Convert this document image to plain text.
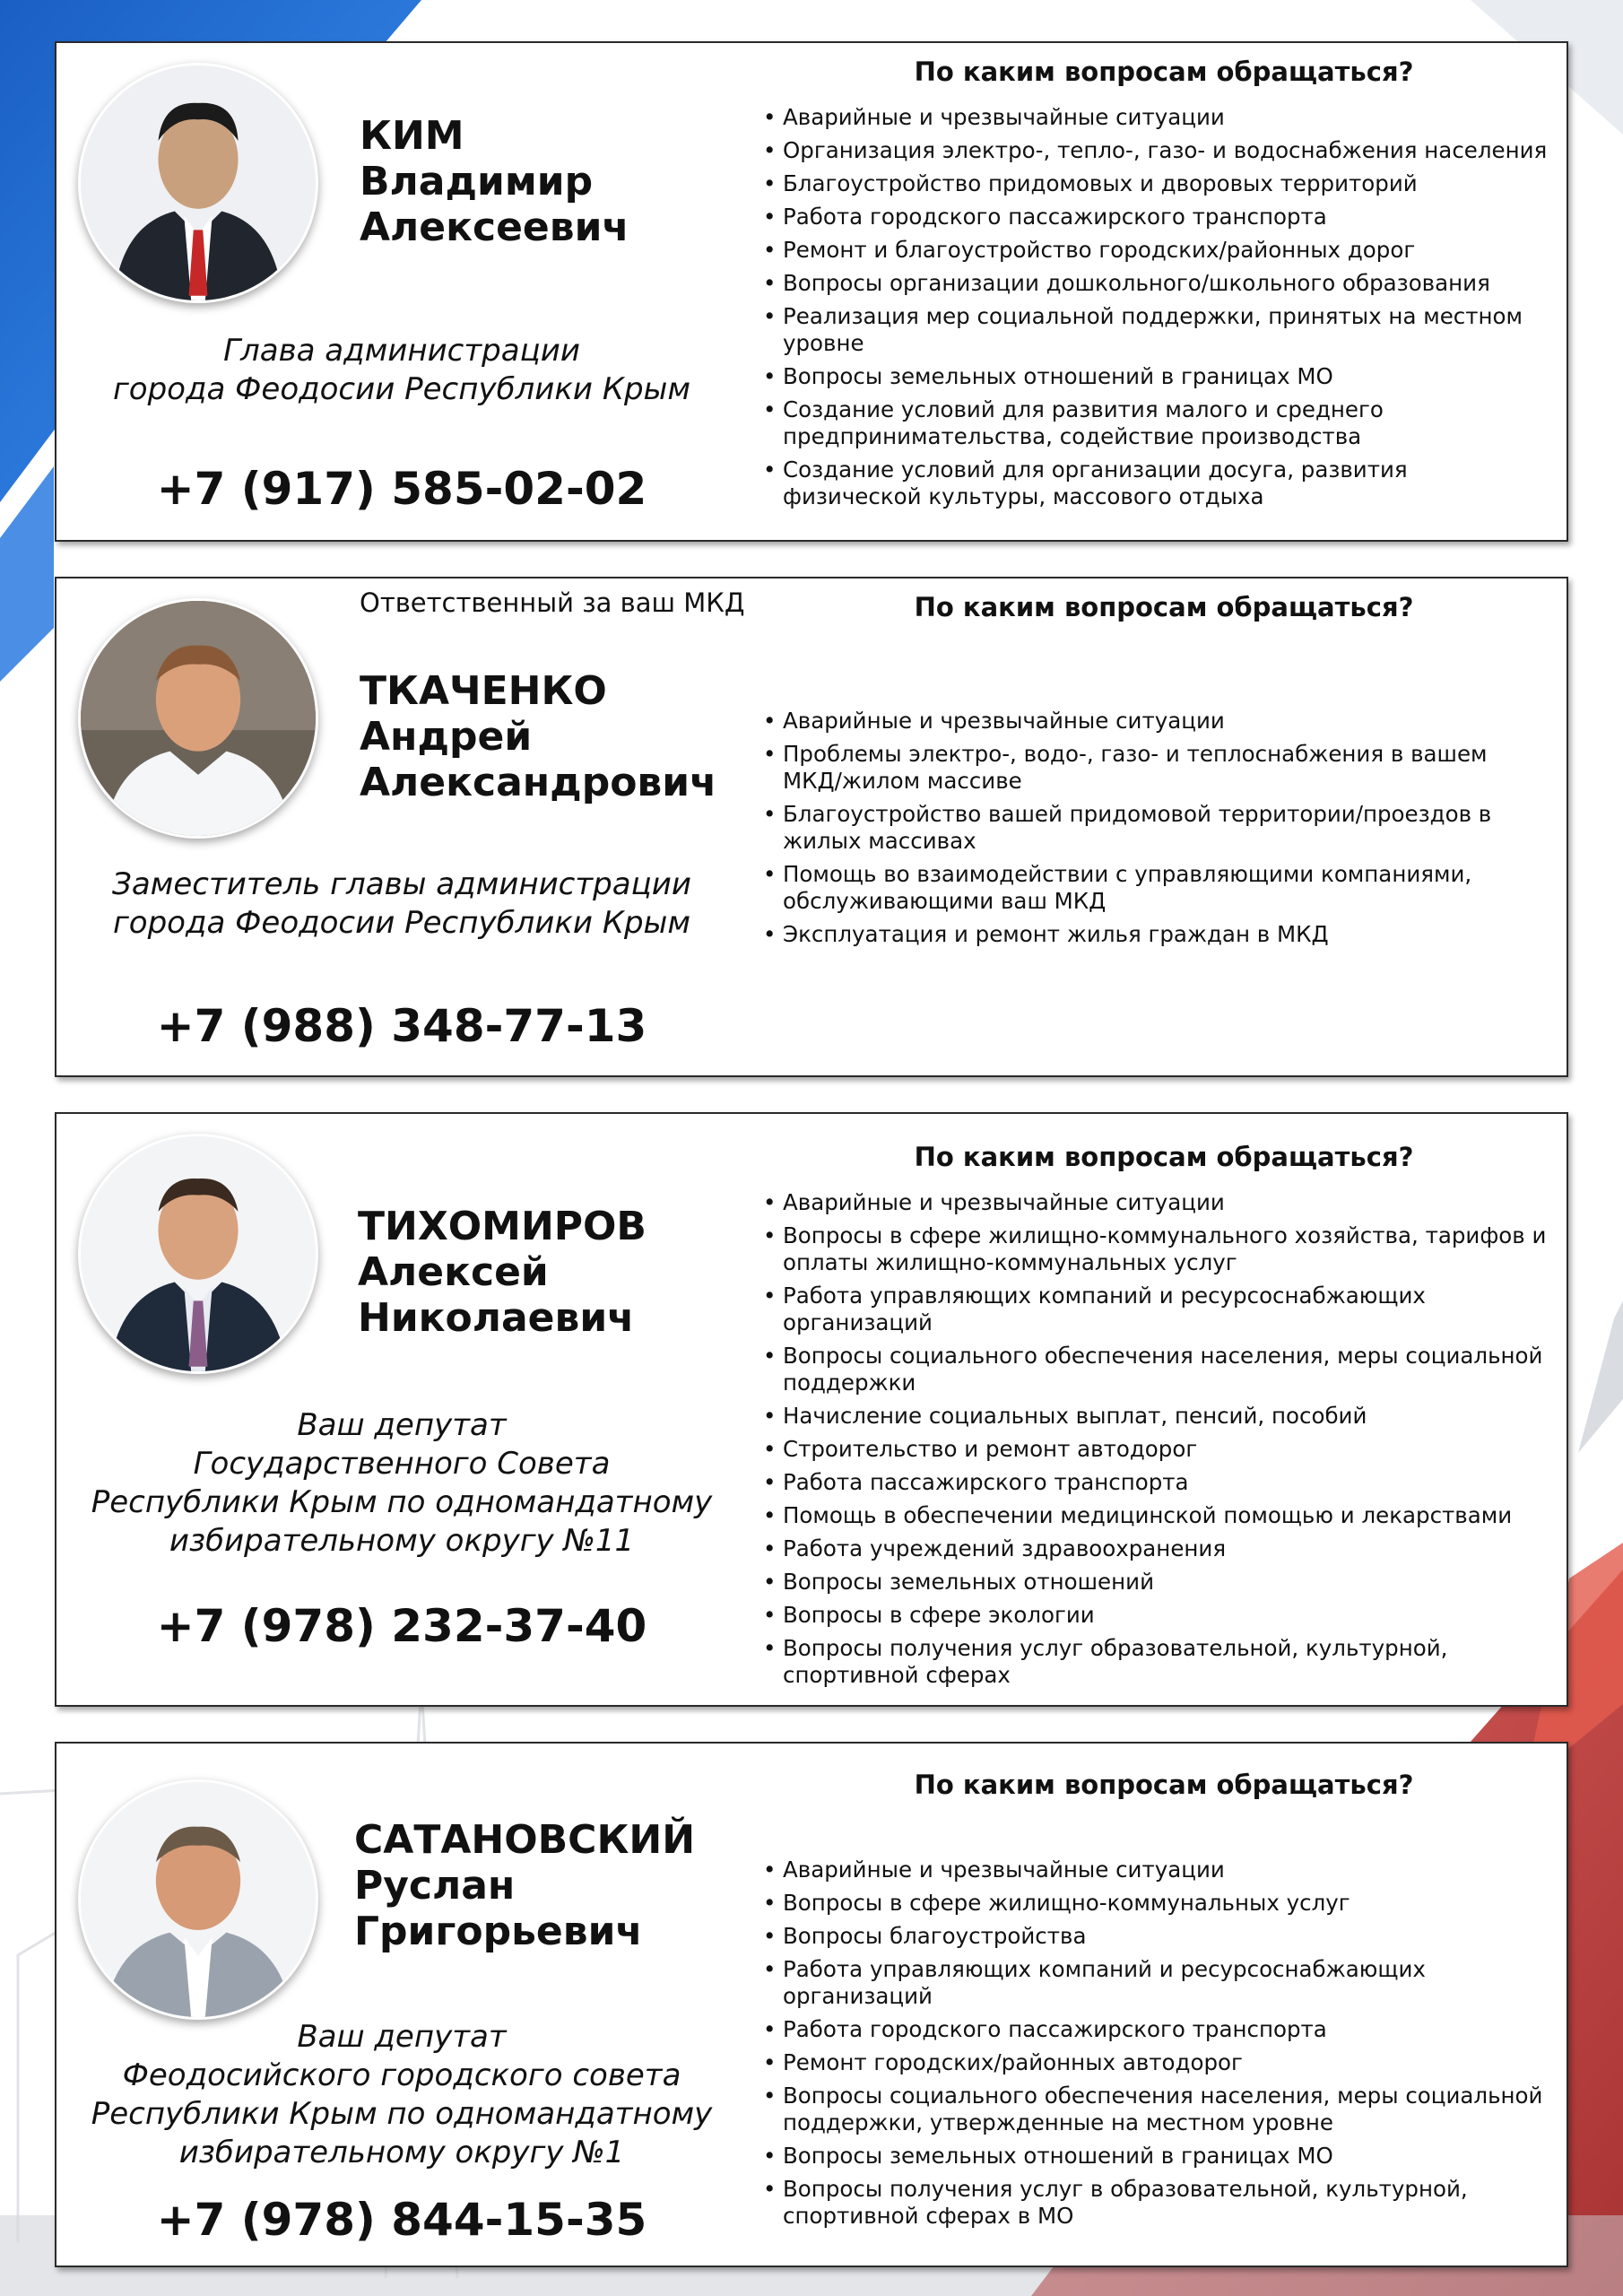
КИМ
Владимир
Алексеевич
Глава администрации
города Феодосии Республики Крым
+7 (917) 585-02-02
По каким вопросам обращаться?
• Аварийные и чрезвычайные ситуации
• Организация электро-, тепло-, газо- и водоснабжения населения
• Благоустройство придомовых и дворовых территорий
• Работа городского пассажирского транспорта
• Ремонт и благоустройство городских/районных дорог
• Вопросы организации дошкольного/школьного образования
• Реализация мер социальной поддержки, принятых на местном уровне
• Вопросы земельных отношений в границах МО
• Создание условий для развития малого и среднего предпринимательства, содействие производства
• Создание условий для организации досуга, развития физической культуры, массового отдыха
Ответственный за ваш МКД
ТКАЧЕНКО
Андрей
Александрович
Заместитель главы администрации
города Феодосии Республики Крым
+7 (988) 348-77-13
По каким вопросам обращаться?
• Аварийные и чрезвычайные ситуации
• Проблемы электро-, водо-, газо- и теплоснабжения в вашем МКД/жилом массиве
• Благоустройство вашей придомовой территории/проездов в жилых массивах
• Помощь во взаимодействии с управляющими компаниями, обслуживающими ваш МКД
• Эксплуатация и ремонт жилья граждан в МКД
ТИХОМИРОВ
Алексей
Николаевич
Ваш депутат
Государственного Совета
Республики Крым по одномандатному
избирательному округу №11
+7 (978) 232-37-40
По каким вопросам обращаться?
• Аварийные и чрезвычайные ситуации
• Вопросы в сфере жилищно-коммунального хозяйства, тарифов и оплаты жилищно-коммунальных услуг
• Работа управляющих компаний и ресурсоснабжающих организаций
• Вопросы социального обеспечения населения, меры социальной поддержки
• Начисление социальных выплат, пенсий, пособий
• Строительство и ремонт автодорог
• Работа пассажирского транспорта
• Помощь в обеспечении медицинской помощью и лекарствами
• Работа учреждений здравоохранения
• Вопросы земельных отношений
• Вопросы в сфере экологии
• Вопросы получения услуг образовательной, культурной, спортивной сферах
САТАНОВСКИЙ
Руслан
Григорьевич
Ваш депутат
Феодосийского городского совета
Республики Крым по одномандатному
избирательному округу №1
+7 (978) 844-15-35
По каким вопросам обращаться?
• Аварийные и чрезвычайные ситуации
• Вопросы в сфере жилищно-коммунальных услуг
• Вопросы благоустройства
• Работа управляющих компаний и ресурсоснабжающих организаций
• Работа городского пассажирского транспорта
• Ремонт городских/районных автодорог
• Вопросы социального обеспечения населения, меры социальной поддержки, утвержденные на местном уровне
• Вопросы земельных отношений в границах МО
• Вопросы получения услуг в образовательной, культурной, спортивной сферах в МО
